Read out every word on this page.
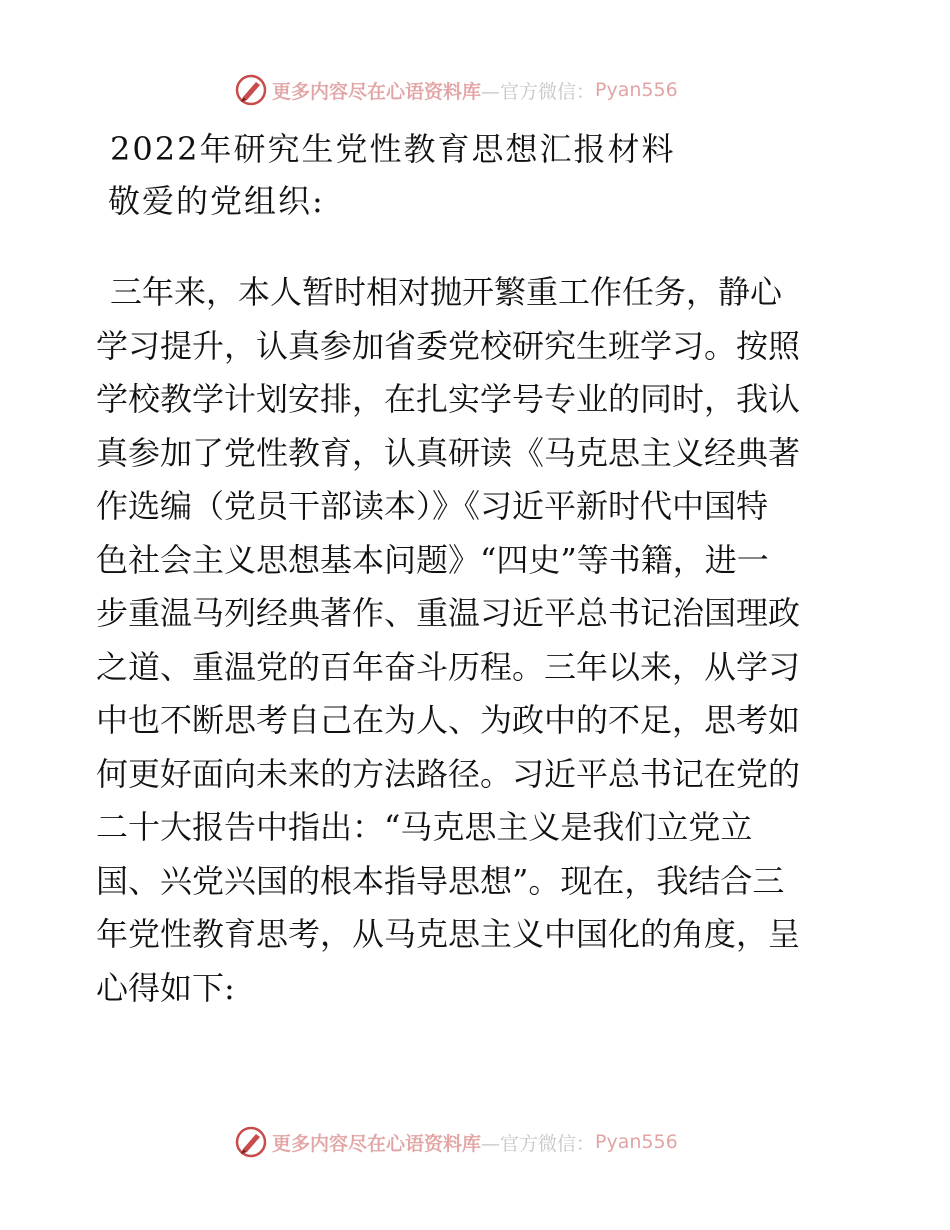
更多内容尽在心语资料库 —官方微信： Pyan556
2022年研究生党性教育思想汇报材料
敬爱的党组织:
三年来，本人暂时相对抛开繁重工作任务，静心
学习提升，认真参加省委党校研究生班学习。按照
学校教学计划安排，在扎实学号专业的同时，我认
真参加了党性教育，认真研读《马克思主义经典著
作选编（党员干部读本）》《习近平新时代中国特
色社会主义思想基本问题》“四史”等书籍，进一
步重温马列经典著作、重温习近平总书记治国理政
之道、重温党的百年奋斗历程。三年以来，从学习
中也不断思考自己在为人、为政中的不足，思考如
何更好面向未来的方法路径。习近平总书记在党的
二十大报告中指出：“马克思主义是我们立党立
国、兴党兴国的根本指导思想”。现在，我结合三
年党性教育思考，从马克思主义中国化的角度，呈
心得如下:
更多内容尽在心语资料库 —官方微信： Pyan556
